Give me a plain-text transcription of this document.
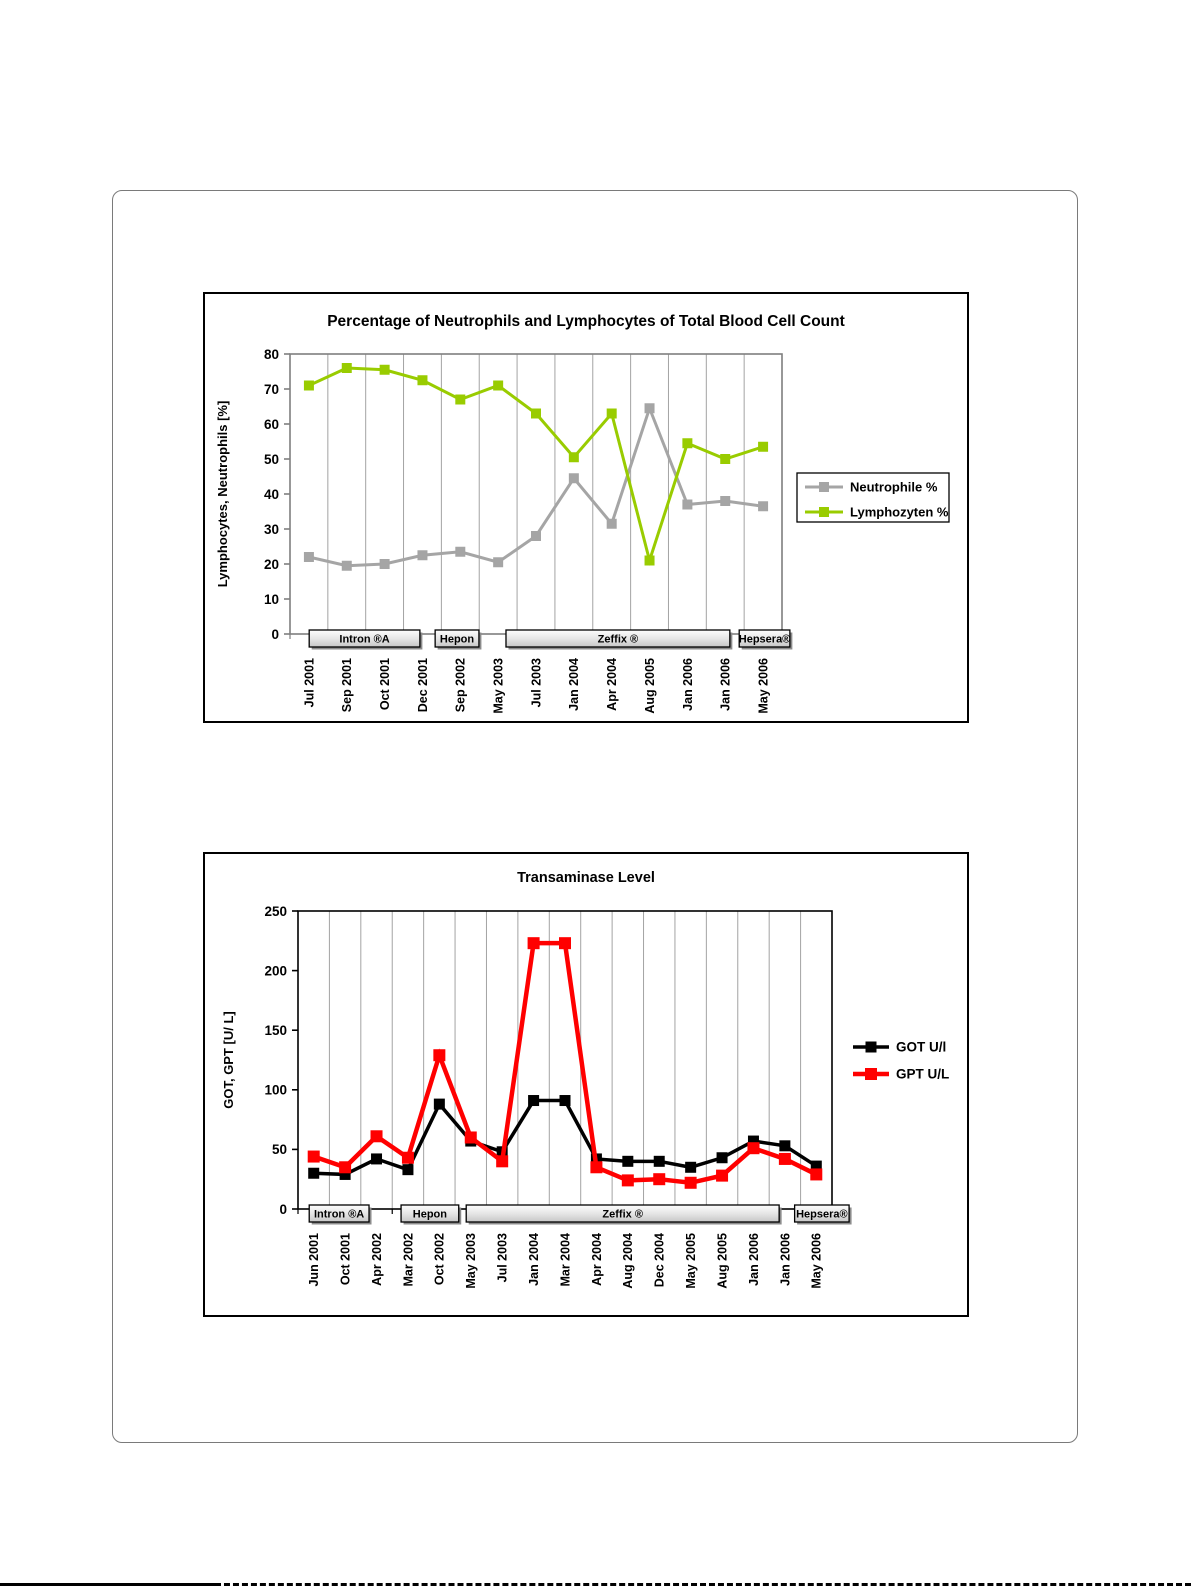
0
10
20
30
40
50
60
70
80
Intron ®A	Hepon	Zeffix ®	Hepsera®
Jul 2001 Sep 2001 Oct 2001 Dec 2001 Sep 2002 May 2003 Jul 2003 Jan 2004 Apr 2004 Aug 2005 Jan 2006 Jan 2006 May 2006
Percentage of Neutrophils and Lymphocytes of Total Blood Cell Count
Lymphocytes, Neutrophils [%]	Neutrophile %
Lymphozyten %
0
50
100
150
200
250
Intron ®A	Hepon	Zeffix ®	Hepsera®
Jun 2001 Oct 2001 Apr 2002 Mar 2002 Oct 2002 May 2003 Jul 2003 Jan 2004 Mar 2004 Apr 2004 Aug 2004 Dec 2004 May 2005 Aug 2005 Jan 2006 Jan 2006 May 2006
Transaminase Level
GOT, GPT [U/ L]	GOT U/l
GPT U/L
